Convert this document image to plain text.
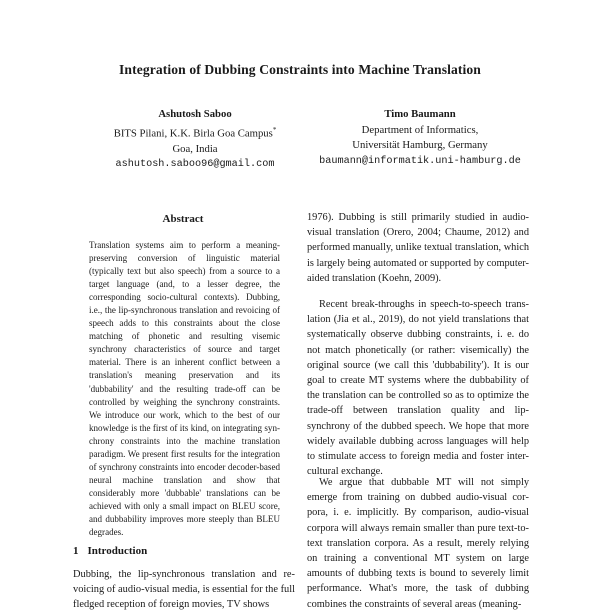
Integration of Dubbing Constraints into Machine Translation
Ashutosh Saboo
BITS Pilani, K.K. Birla Goa Campus*
Goa, India
ashutosh.saboo96@gmail.com
Timo Baumann
Department of Informatics,
Universität Hamburg, Germany
baumann@informatik.uni-hamburg.de
Abstract
Translation systems aim to perform a meaning-preserving conversion of linguistic material (typically text but also speech) from a source to a target language (and, to a lesser degree, the corresponding socio-cultural contexts). Dubbing, i.e., the lip-synchronous translation and revoicing of speech adds to this constraints about the close matching of phonetic and resulting visemic synchrony characteristics of source and target material. There is an inherent conflict between a translation's meaning preservation and its 'dubbability' and the resulting trade-off can be controlled by weighing the synchrony constraints. We introduce our work, which to the best of our knowledge is the first of its kind, on integrating synchrony constraints into the machine translation paradigm. We present first results for the integration of synchrony constraints into encoder decoder-based neural machine translation and show that considerably more 'dubbable' translations can be achieved with only a small impact on BLEU score, and dubbability improves more steeply than BLEU degrades.
1 Introduction
Dubbing, the lip-synchronous translation and revoicing of audio-visual media, is essential for the full fledged reception of foreign movies, TV shows
1976). Dubbing is still primarily studied in audio-visual translation (Orero, 2004; Chaume, 2012) and performed manually, unlike textual translation, which is largely being automated or supported by computer-aided translation (Koehn, 2009).
Recent break-throughs in speech-to-speech translation (Jia et al., 2019), do not yield translations that systematically observe dubbing constraints, i. e. do not match phonetically (or rather: visemically) the original source (we call this 'dubbability'). It is our goal to create MT systems where the dubbability of the translation can be controlled so as to optimize the trade-off between translation quality and lip-synchrony of the dubbed speech. We hope that more widely available dubbing across languages will help to stimulate access to foreign media and foster inter-cultural exchange.
We argue that dubbable MT will not simply emerge from training on dubbed audio-visual corpora, i. e. implicitly. By comparison, audio-visual corpora will always remain smaller than pure text-to-text translation corpora. As a result, merely relying on training a conventional MT system on large amounts of dubbing texts is bound to severely limit performance. What's more, the task of dubbing combines the constraints of several areas (meaning-
